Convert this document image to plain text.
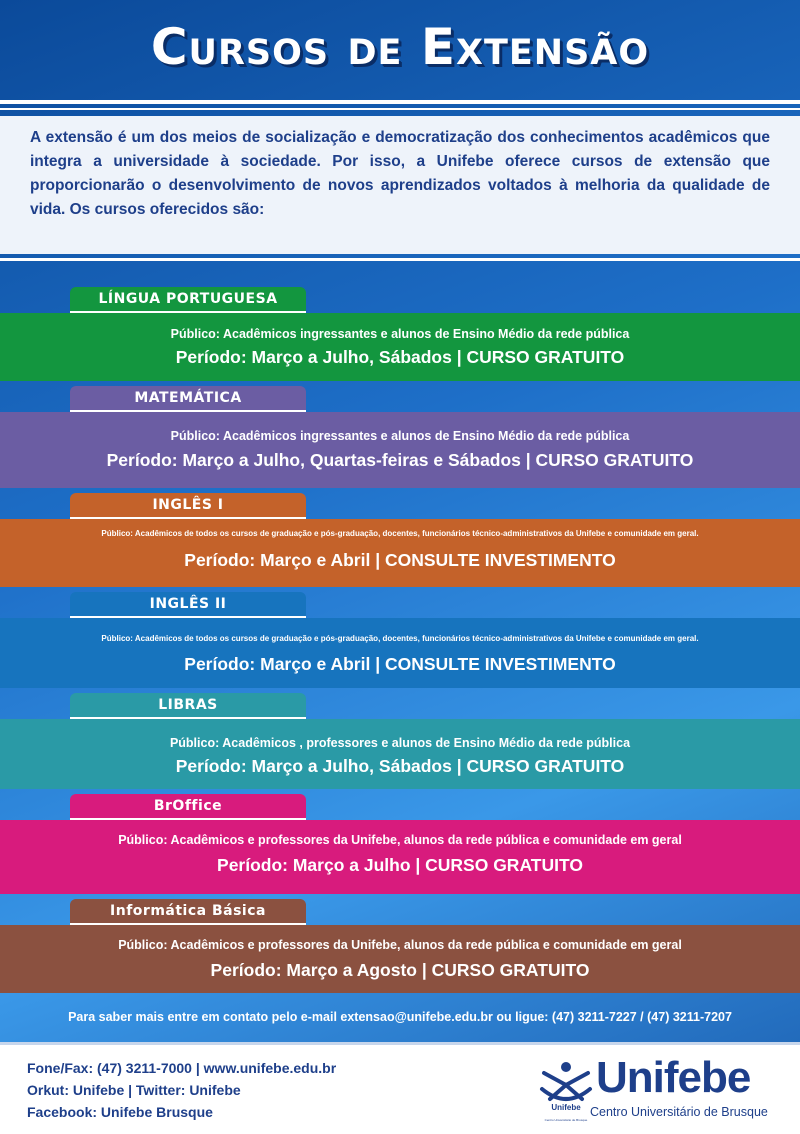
Cursos de Extensão

A extensão é um dos meios de socialização e democratização dos conhecimentos acadêmicos que integra a universidade à sociedade. Por isso, a Unifebe oferece cursos de extensão que proporcionarão o desenvolvimento de novos aprendizados voltados à melhoria da qualidade de vida. Os cursos oferecidos são:

LÍNGUA PORTUGUESA
Público: Acadêmicos ingressantes e alunos de Ensino Médio da rede pública
Período: Março a Julho, Sábados | CURSO GRATUITO
MATEMÁTICA
Público: Acadêmicos ingressantes e alunos de Ensino Médio da rede pública
Período: Março a Julho, Quartas-feiras e Sábados | CURSO GRATUITO
INGLÊS I
Público: Acadêmicos de todos os cursos de graduação e pós-graduação, docentes, funcionários técnico-administrativos da Unifebe e comunidade em geral.
Período: Março e Abril | CONSULTE INVESTIMENTO
INGLÊS II
Público: Acadêmicos de todos os cursos de graduação e pós-graduação, docentes, funcionários técnico-administrativos da Unifebe e comunidade em geral.
Período: Março e Abril | CONSULTE INVESTIMENTO
LIBRAS
Público: Acadêmicos , professores e alunos de Ensino Médio da rede pública
Período: Março a Julho, Sábados | CURSO GRATUITO
BrOffice
Público: Acadêmicos e professores da Unifebe, alunos da rede pública e comunidade em geral
Período: Março a Julho | CURSO GRATUITO
Informática Básica
Público: Acadêmicos e professores da Unifebe, alunos da rede pública e comunidade em geral
Período: Março a Agosto | CURSO GRATUITO
Para saber mais entre em contato pelo e-mail extensao@unifebe.edu.br ou ligue: (47) 3211-7227 / (47) 3211-7207
Fone/Fax: (47) 3211-7000 | www.unifebe.edu.br
Orkut: Unifebe | Twitter: Unifebe
Facebook: Unifebe Brusque	Unifebe
Centro Universitário de Brusque
Unifebe
Centro Universitário de Brusque
